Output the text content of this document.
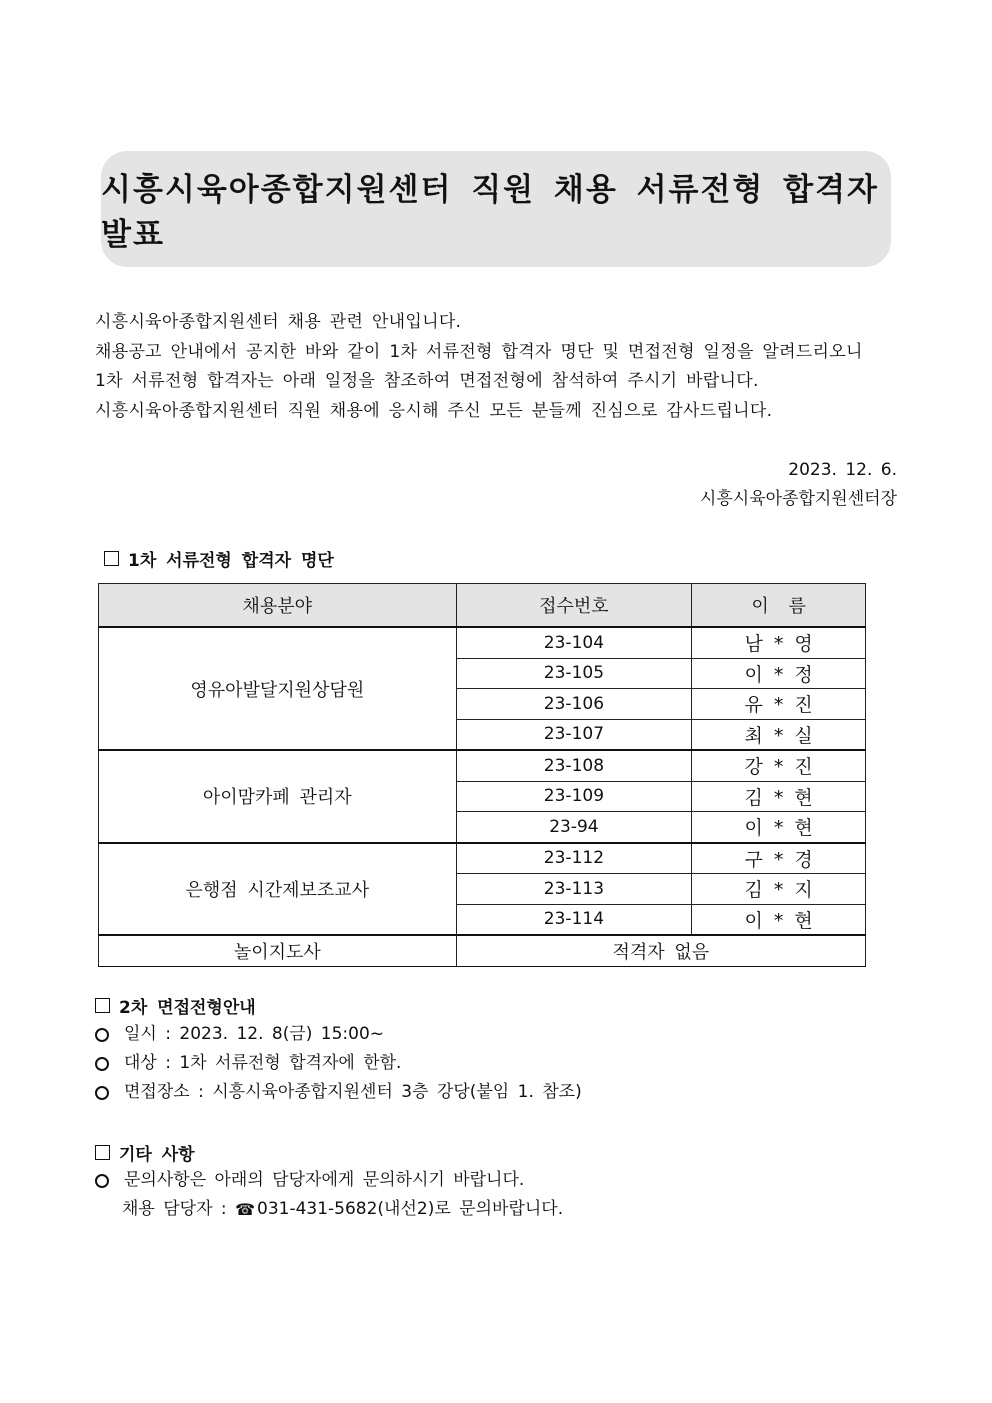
시흥시육아종합지원센터 직원 채용 서류전형 합격자 발표
시흥시육아종합지원센터 채용 관련 안내입니다.
채용공고 안내에서 공지한 바와 같이 1차 서류전형 합격자 명단 및 면접전형 일정을 알려드리오니
1차 서류전형 합격자는 아래 일정을 참조하여 면접전형에 참석하여 주시기 바랍니다.
시흥시육아종합지원센터 직원 채용에 응시해 주신 모든 분들께 진심으로 감사드립니다.
2023. 12. 6.
시흥시육아종합지원센터장
1차 서류전형 합격자 명단
채용분야	접수번호	이 름
영유아발달지원상담원	23-104	남 * 영
	23-105	이 * 정
	23-106	유 * 진
	23-107	최 * 실
아이맘카페 관리자	23-108	강 * 진
	23-109	김 * 현
	23-94	이 * 현
은행점 시간제보조교사	23-112	구 * 경
	23-113	김 * 지
	23-114	이 * 현
놀이지도사	적격자 없음	
2차 면접전형안내
일시 : 2023. 12. 8(금) 15:00~
대상 : 1차 서류전형 합격자에 한함.
면접장소 : 시흥시육아종합지원센터 3층 강당(붙임 1. 참조)
기타 사항
문의사항은 아래의 담당자에게 문의하시기 바랍니다.
채용 담당자 : ☎ 031-431-5682(내선2)로 문의바랍니다.
